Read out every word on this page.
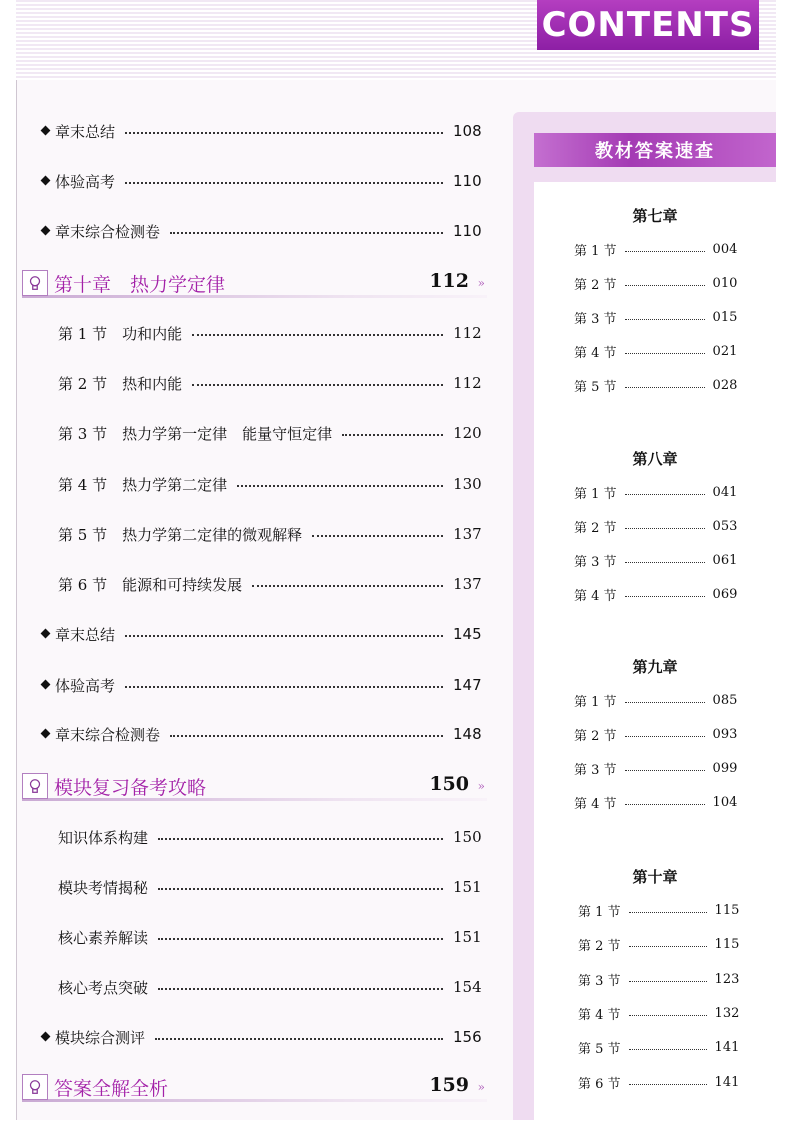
CONTENTS
教材答案速查
章末总结	108
体验高考	110
章末综合检测卷	110
第十章　热力学定律	112 »
第 1 节　功和内能	112
第 2 节　热和内能	112
第 3 节　热力学第一定律　能量守恒定律	120
第 4 节　热力学第二定律	130
第 5 节　热力学第二定律的微观解释	137
第 6 节　能源和可持续发展	137
章末总结	145
体验高考	147
章末综合检测卷	148
模块复习备考攻略	150 »
知识体系构建	150
模块考情揭秘	151
核心素养解读	151
核心考点突破	154
模块综合测评	156
答案全解全析	159 »
第七章
第 1 节	004
第 2 节	010
第 3 节	015
第 4 节	021
第 5 节	028
第八章
第 1 节	041
第 2 节	053
第 3 节	061
第 4 节	069
第九章
第 1 节	085
第 2 节	093
第 3 节	099
第 4 节	104
第十章
第 1 节	115
第 2 节	115
第 3 节	123
第 4 节	132
第 5 节	141
第 6 节	141
